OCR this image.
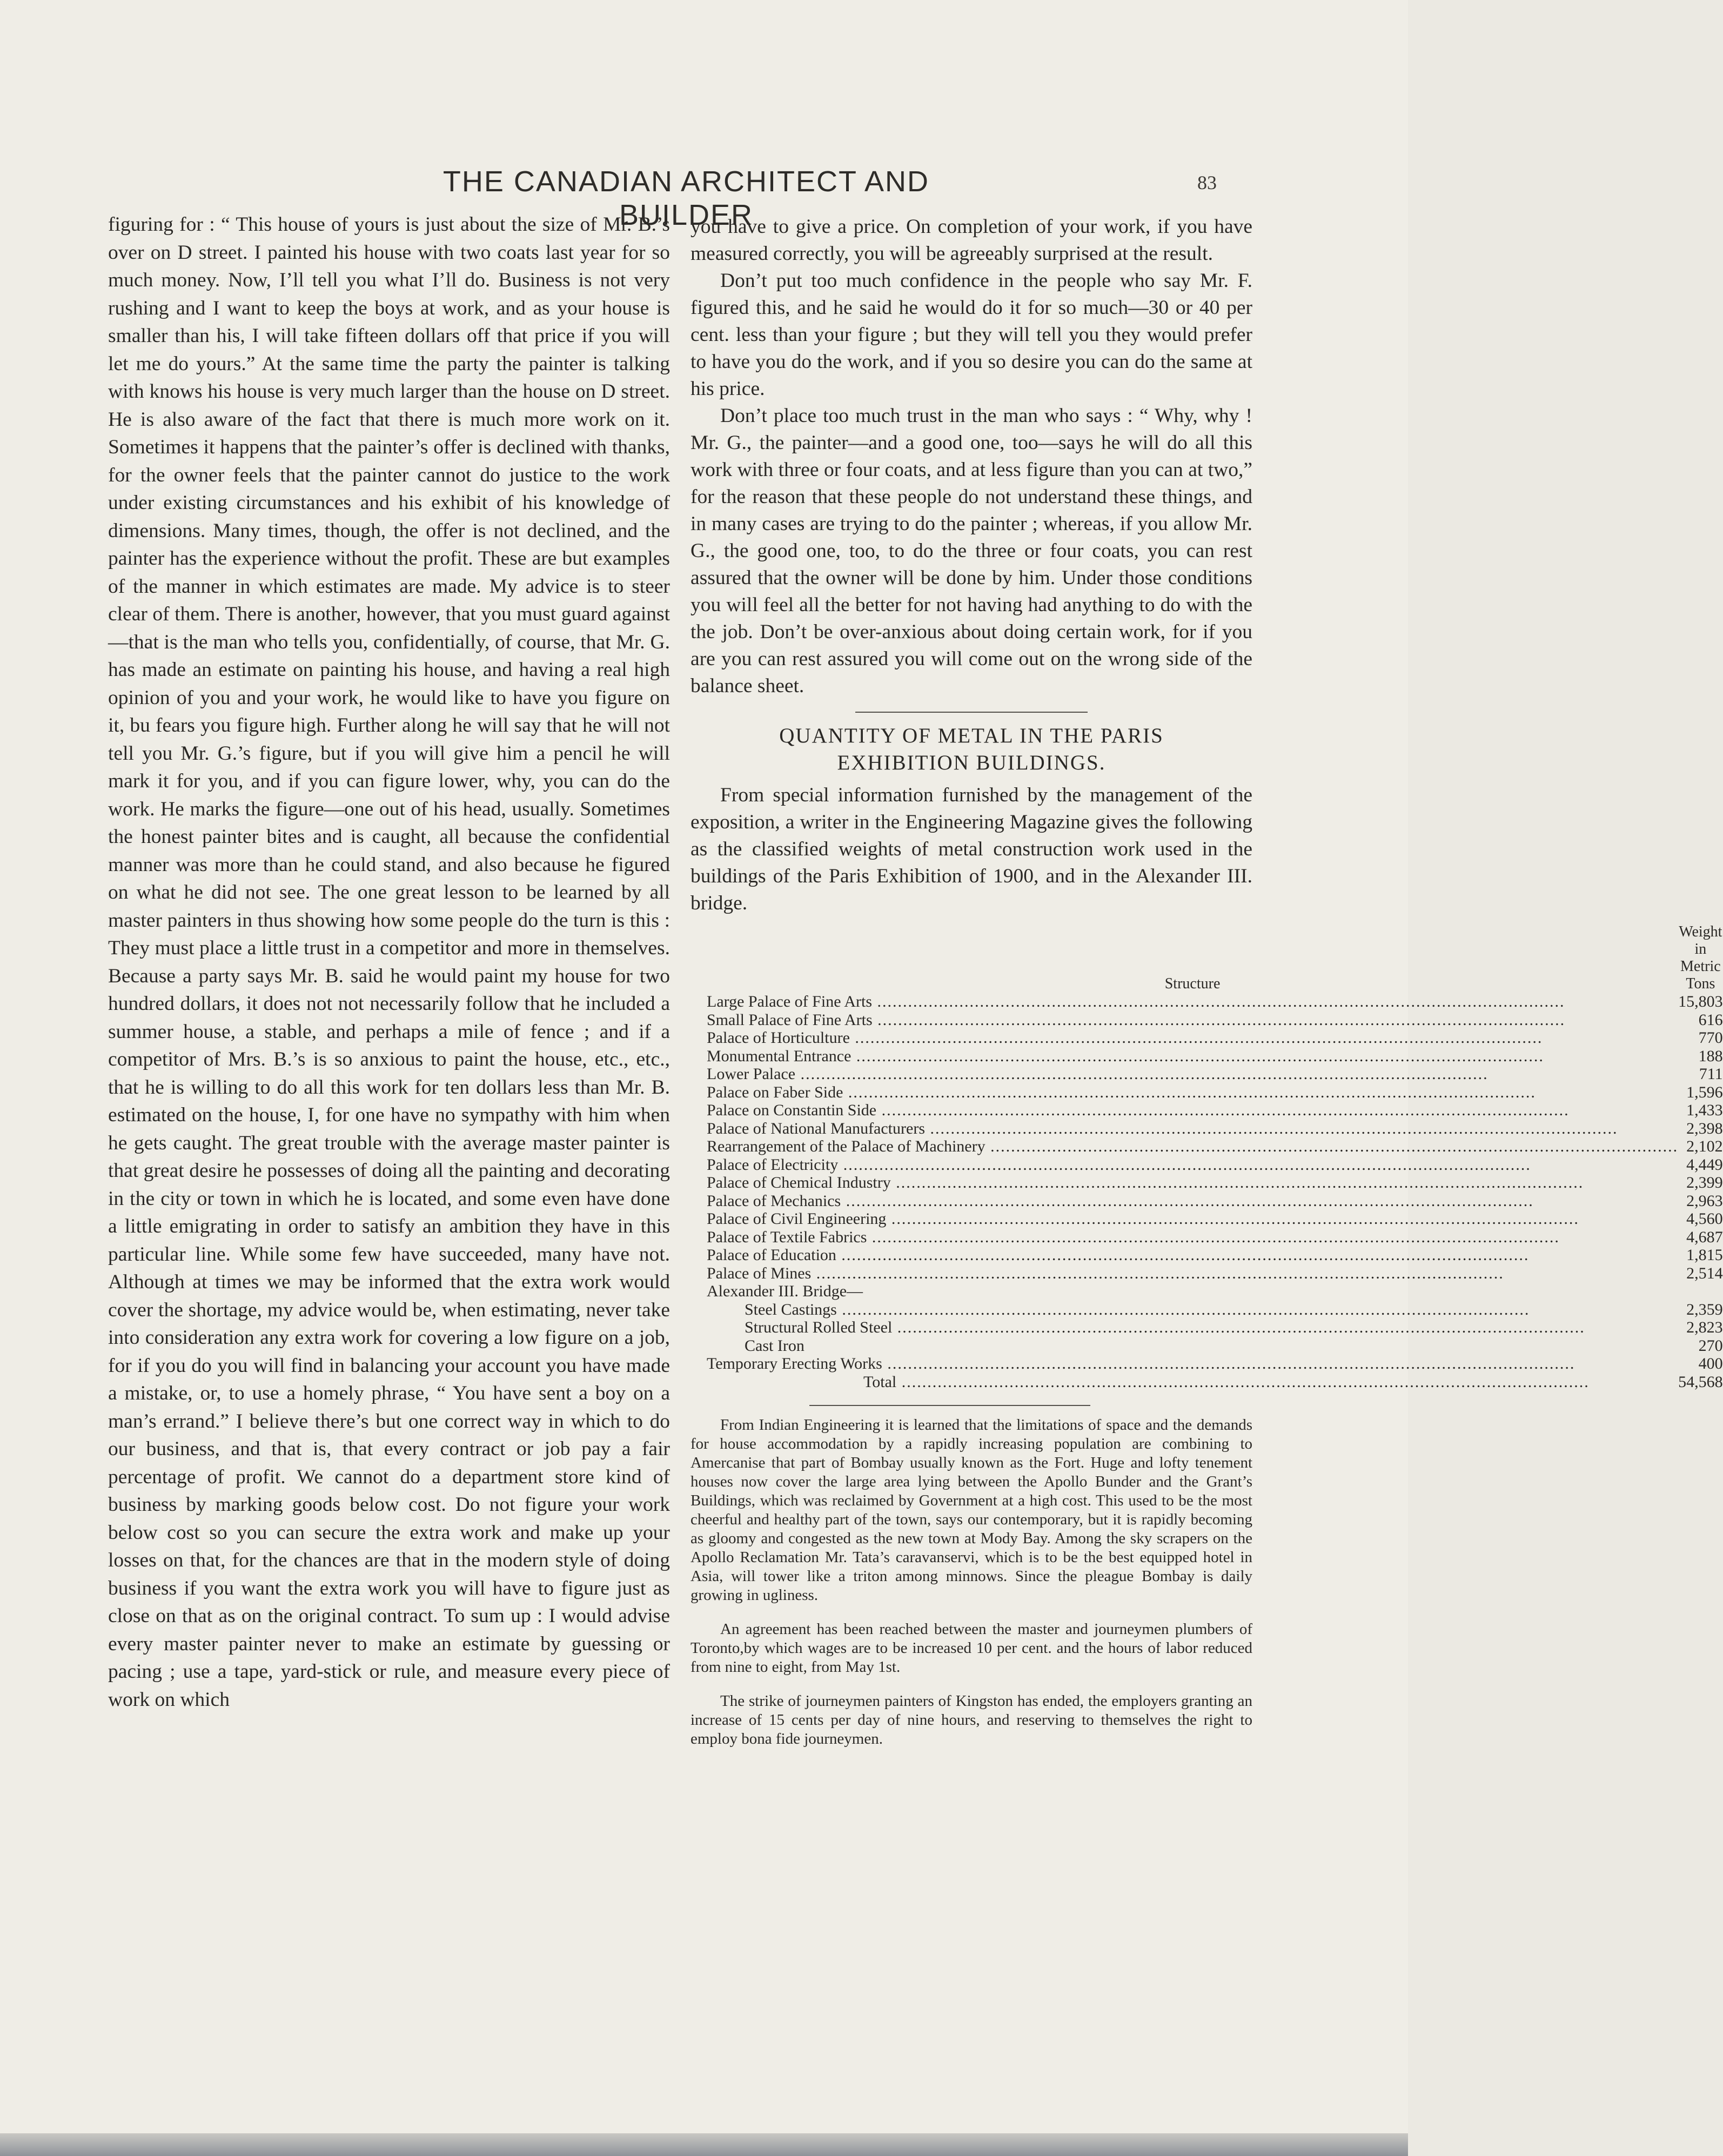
THE CANADIAN ARCHITECT AND BUILDER
83

figuring for : “ This house of yours is just about the size of Mr. B.’s over on D street. I painted his house with two coats last year for so much money. Now, I’ll tell you what I’ll do. Business is not very rushing and I want to keep the boys at work, and as your house is smaller than his, I will take fifteen dollars off that price if you will let me do yours.” At the same time the party the painter is talking with knows his house is very much larger than the house on D street. He is also aware of the fact that there is much more work on it. Sometimes it happens that the painter’s offer is declined with thanks, for the owner feels that the painter cannot do justice to the work under existing circumstances and his exhibit of his knowledge of dimensions. Many times, though, the offer is not declined, and the painter has the experience without the profit. These are but examples of the manner in which estimates are made. My advice is to steer clear of them. There is another, however, that you must guard against—that is the man who tells you, confidentially, of course, that Mr. G. has made an estimate on painting his house, and having a real high opinion of you and your work, he would like to have you figure on it, bu fears you figure high. Further along he will say that he will not tell you Mr. G.’s figure, but if you will give him a pencil he will mark it for you, and if you can figure lower, why, you can do the work. He marks the figure—one out of his head, usually. Sometimes the honest painter bites and is caught, all because the confidential manner was more than he could stand, and also because he figured on what he did not see. The one great lesson to be learned by all master painters in thus showing how some people do the turn is this : They must place a little trust in a competitor and more in themselves. Because a party says Mr. B. said he would paint my house for two hundred dollars, it does not not necessarily follow that he included a summer house, a stable, and perhaps a mile of fence ; and if a competitor of Mrs. B.’s is so anxious to paint the house, etc., etc., that he is willing to do all this work for ten dollars less than Mr. B. estimated on the house, I, for one have no sympathy with him when he gets caught. The great trouble with the average master painter is that great desire he possesses of doing all the painting and decorating in the city or town in which he is located, and some even have done a little emigrating in order to satisfy an ambition they have in this particular line. While some few have succeeded, many have not. Although at times we may be informed that the extra work would cover the shortage, my advice would be, when estimating, never take into consideration any extra work for covering a low figure on a job, for if you do you will find in balancing your account you have made a mistake, or, to use a homely phrase, “ You have sent a boy on a man’s errand.” I believe there’s but one correct way in which to do our business, and that is, that every contract or job pay a fair percentage of profit. We cannot do a department store kind of business by marking goods below cost. Do not figure your work below cost so you can secure the extra work and make up your losses on that, for the chances are that in the modern style of doing business if you want the extra work you will have to figure just as close on that as on the original contract. To sum up : I would advise every master painter never to make an estimate by guessing or pacing ; use a tape, yard-stick or rule, and measure every piece of work on which

you have to give a price. On completion of your work, if you have measured correctly, you will be agreeably surprised at the result.

Don’t put too much confidence in the people who say Mr. F. figured this, and he said he would do it for so much—30 or 40 per cent. less than your figure ; but they will tell you they would prefer to have you do the work, and if you so desire you can do the same at his price.

Don’t place too much trust in the man who says : “ Why, why ! Mr. G., the painter—and a good one, too—says he will do all this work with three or four coats, and at less figure than you can at two,” for the reason that these people do not understand these things, and in many cases are trying to do the painter ; whereas, if you allow Mr. G., the good one, too, to do the three or four coats, you can rest assured that the owner will be done by him. Under those conditions you will feel all the better for not having had anything to do with the the job. Don’t be over-anxious about doing certain work, for if you are you can rest assured you will come out on the wrong side of the balance sheet.

QUANTITY OF METAL IN THE PARIS
EXHIBITION BUILDINGS.

From special information furnished by the management of the exposition, a writer in the Engineering Magazine gives the following as the classified weights of metal construction work used in the buildings of the Paris Exhibition of 1900, and in the Alexander III. bridge.

Structure	Weight in
Metric Tons

Large Palace of Fine Arts .....	15,803
Small Palace of Fine Arts .....	616
Palace of Horticulture .....	770
Monumental Entrance .....	188
Lower Palace .....	711
Palace on Faber Side .....	1,596
Palace on Constantin Side .....	1,433
Palace of National Manufacturers .....	2,398
Rearrangement of the Palace of Machinery .....	2,102
Palace of Electricity .....	4,449
Palace of Chemical Industry .....	2,399
Palace of Mechanics .....	2,963
Palace of Civil Engineering .....	4,560
Palace of Textile Fabrics .....	4,687
Palace of Education .....	1,815
Palace of Mines .....	2,514
Alexander III. Bridge—	
Steel Castings .....	2,359
Structural Rolled Steel .....	2,823
Cast Iron	270
Temporary Erecting Works .....	400
Total .....	54,568

From Indian Engineering it is learned that the limitations of space and the demands for house accommodation by a rapidly increasing population are combining to Amercanise that part of Bombay usually known as the Fort. Huge and lofty tenement houses now cover the large area lying between the Apollo Bunder and the Grant’s Buildings, which was reclaimed by Government at a high cost. This used to be the most cheerful and healthy part of the town, says our contemporary, but it is rapidly becoming as gloomy and congested as the new town at Mody Bay. Among the sky scrapers on the Apollo Reclamation Mr. Tata’s caravanservi, which is to be the best equipped hotel in Asia, will tower like a triton among minnows. Since the pleague Bombay is daily growing in ugliness.

An agreement has been reached between the master and journeymen plumbers of Toronto,by which wages are to be increased 10 per cent. and the hours of labor reduced from nine to eight, from May 1st.

The strike of journeymen painters of Kingston has ended, the employers granting an increase of 15 cents per day of nine hours, and reserving to themselves the right to employ bona fide journeymen.
